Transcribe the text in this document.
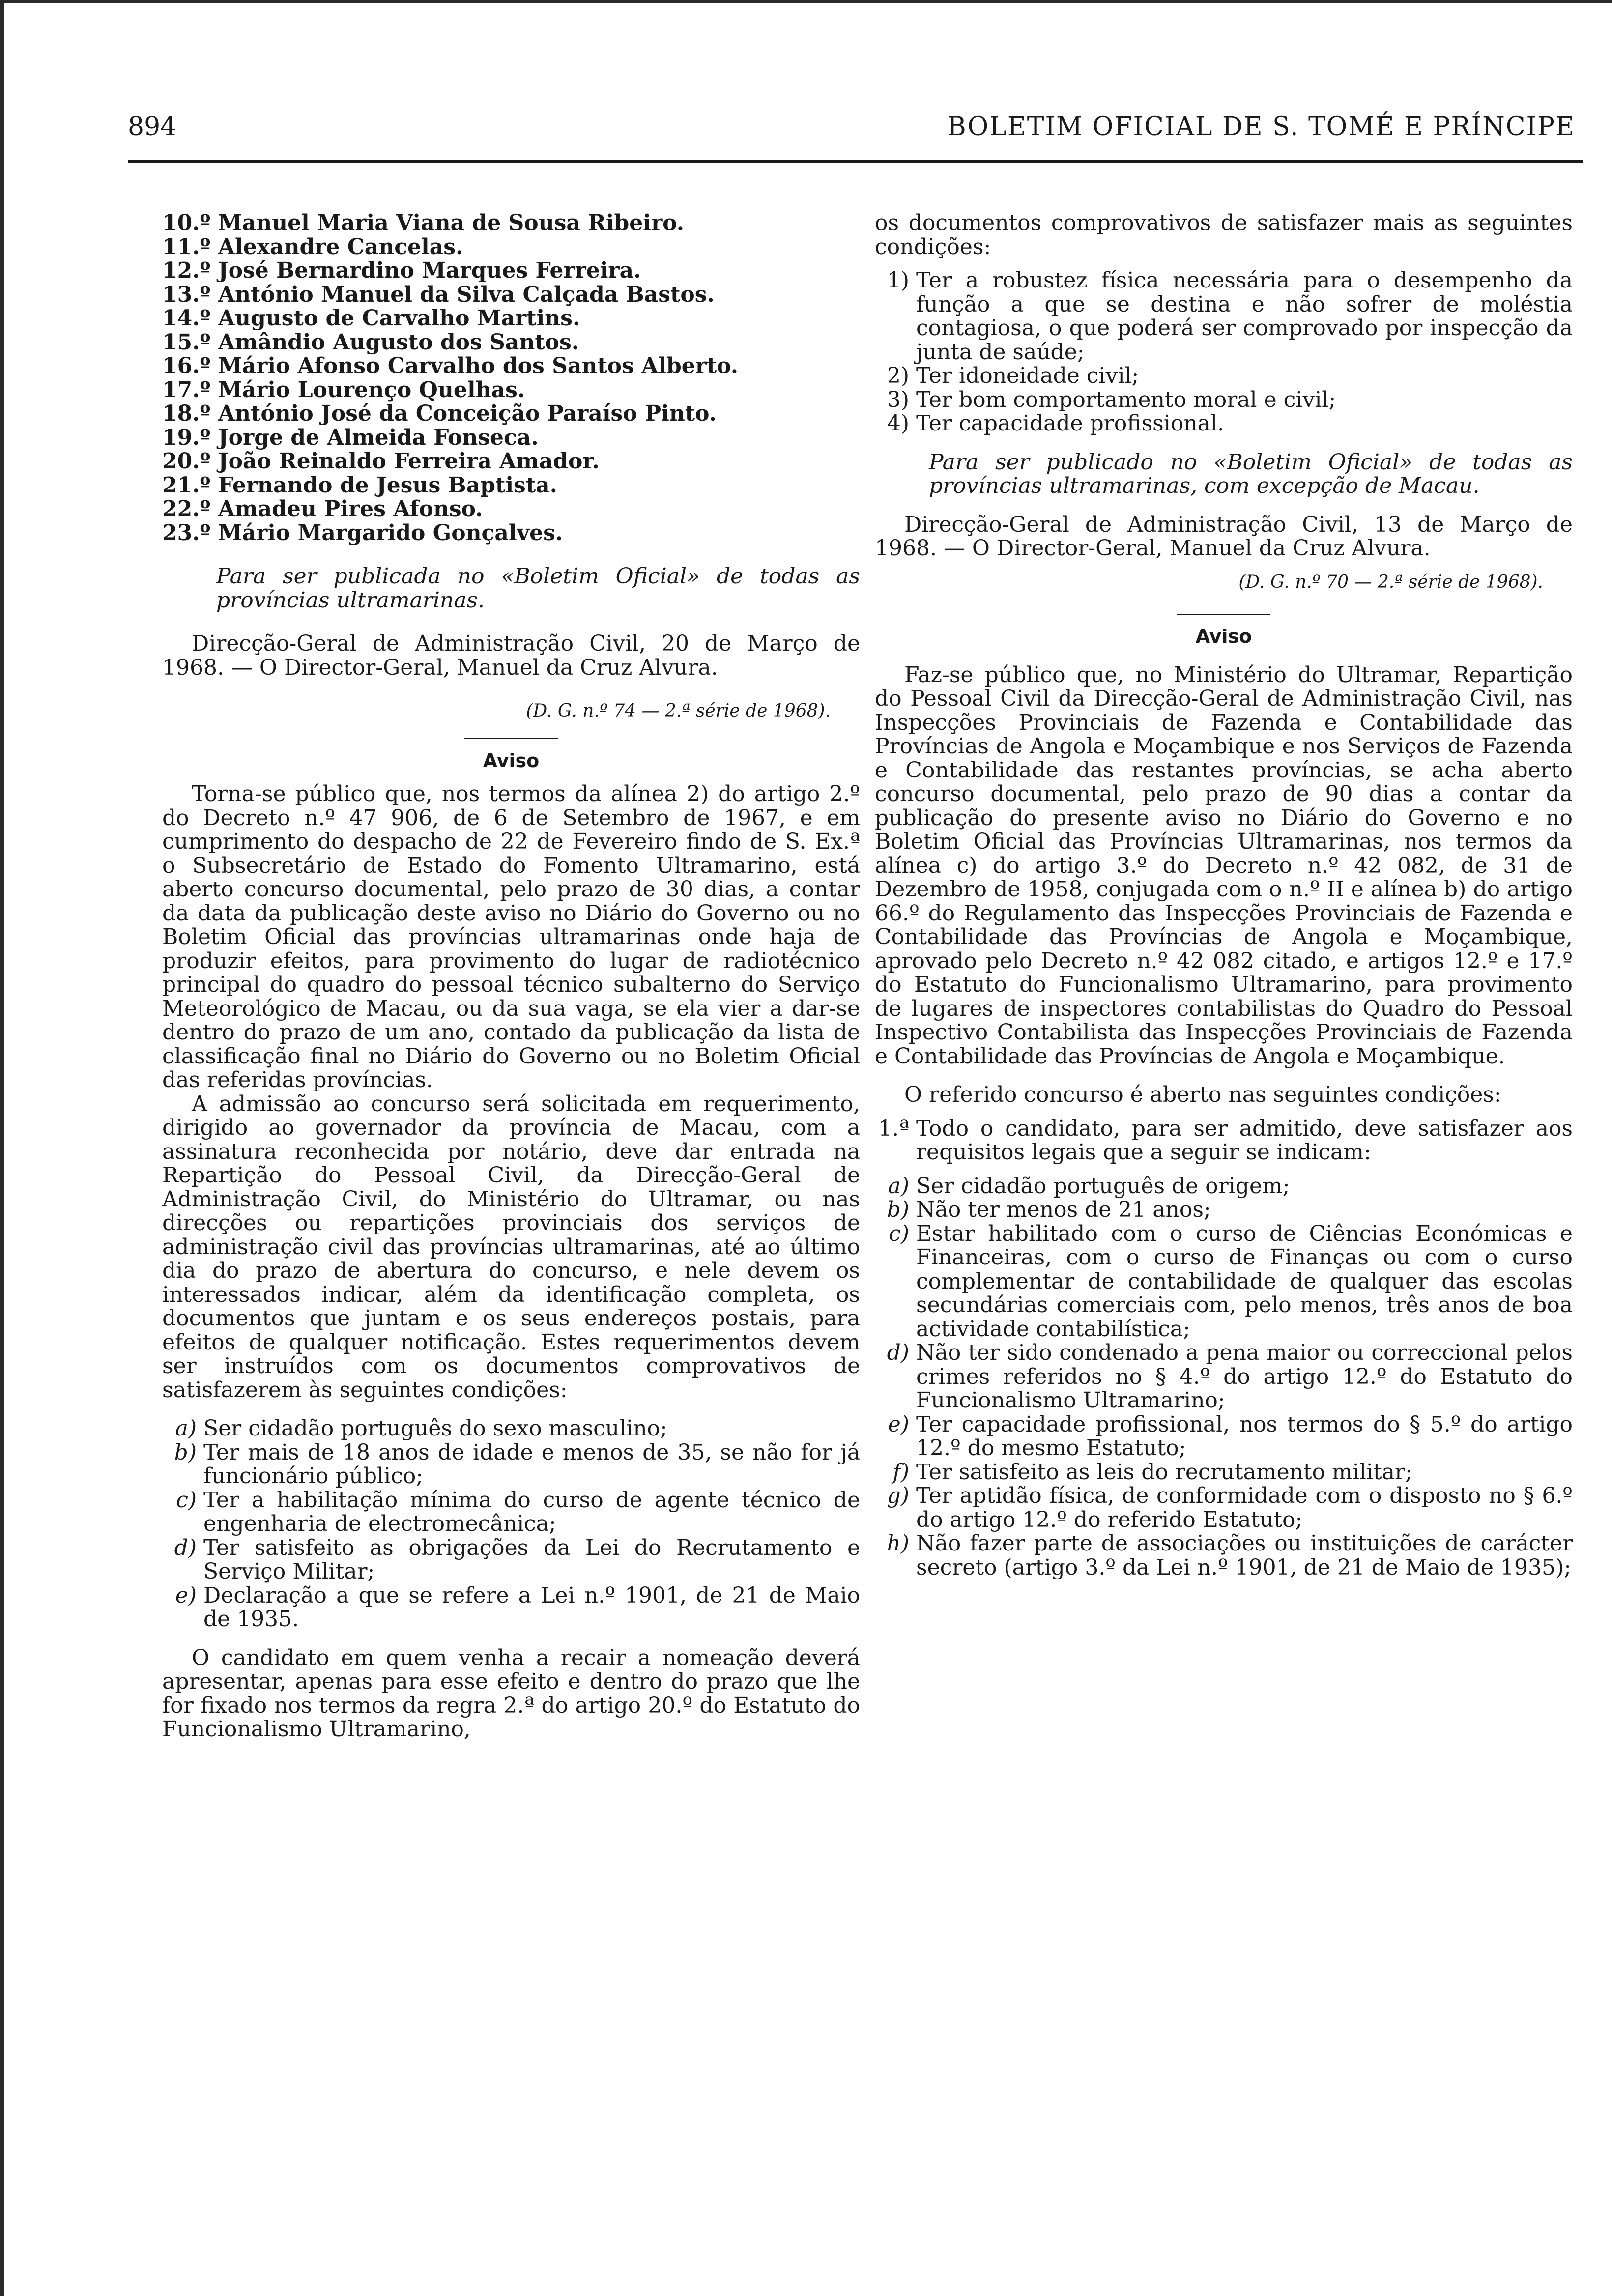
894	BOLETIM OFICIAL DE S. TOMÉ E PRÍNCIPE
10.º Manuel Maria Viana de Sousa Ribeiro.
11.º Alexandre Cancelas.
12.º José Bernardino Marques Ferreira.
13.º António Manuel da Silva Calçada Bastos.
14.º Augusto de Carvalho Martins.
15.º Amândio Augusto dos Santos.
16.º Mário Afonso Carvalho dos Santos Alberto.
17.º Mário Lourenço Quelhas.
18.º António José da Conceição Paraíso Pinto.
19.º Jorge de Almeida Fonseca.
20.º João Reinaldo Ferreira Amador.
21.º Fernando de Jesus Baptista.
22.º Amadeu Pires Afonso.
23.º Mário Margarido Gonçalves.

Para ser publicada no «Boletim Oficial» de todas as províncias ultramarinas.

Direcção-Geral de Administração Civil, 20 de Março de 1968. — O Director-Geral, Manuel da Cruz Alvura.

(D. G. n.º 74 — 2.ª série de 1968).

Aviso

Torna-se público que, nos termos da alínea 2) do artigo 2.º do Decreto n.º 47 906, de 6 de Setembro de 1967, e em cumprimento do despacho de 22 de Fevereiro findo de S. Ex.ª o Subsecretário de Estado do Fomento Ultramarino, está aberto concurso documental, pelo prazo de 30 dias, a contar da data da publicação deste aviso no Diário do Governo ou no Boletim Oficial das províncias ultramarinas onde haja de produzir efeitos, para provimento do lugar de radiotécnico principal do quadro do pessoal técnico subalterno do Serviço Meteorológico de Macau, ou da sua vaga, se ela vier a dar-se dentro do prazo de um ano, contado da publicação da lista de classificação final no Diário do Governo ou no Boletim Oficial das referidas províncias.

A admissão ao concurso será solicitada em requerimento, dirigido ao governador da província de Macau, com a assinatura reconhecida por notário, deve dar entrada na Repartição do Pessoal Civil, da Direcção-Geral de Administração Civil, do Ministério do Ultramar, ou nas direcções ou repartições provinciais dos serviços de administração civil das províncias ultramarinas, até ao último dia do prazo de abertura do concurso, e nele devem os interessados indicar, além da identificação completa, os documentos que juntam e os seus endereços postais, para efeitos de qualquer notificação. Estes requerimentos devem ser instruídos com os documentos comprovativos de satisfazerem às seguintes condições:

a) Ser cidadão português do sexo masculino;
b) Ter mais de 18 anos de idade e menos de 35, se não for já funcionário público;
c) Ter a habilitação mínima do curso de agente técnico de engenharia de electromecânica;
d) Ter satisfeito as obrigações da Lei do Recrutamento e Serviço Militar;
e) Declaração a que se refere a Lei n.º 1901, de 21 de Maio de 1935.

O candidato em quem venha a recair a nomeação deverá apresentar, apenas para esse efeito e dentro do prazo que lhe for fixado nos termos da regra 2.ª do artigo 20.º do Estatuto do Funcionalismo Ultramarino,

os documentos comprovativos de satisfazer mais as seguintes condições:

1) Ter a robustez física necessária para o desempenho da função a que se destina e não sofrer de moléstia contagiosa, o que poderá ser comprovado por inspecção da junta de saúde;
2) Ter idoneidade civil;
3) Ter bom comportamento moral e civil;
4) Ter capacidade profissional.

Para ser publicado no «Boletim Oficial» de todas as províncias ultramarinas, com excepção de Macau.

Direcção-Geral de Administração Civil, 13 de Março de 1968. — O Director-Geral, Manuel da Cruz Alvura.

(D. G. n.º 70 — 2.ª série de 1968).

Aviso

Faz-se público que, no Ministério do Ultramar, Repartição do Pessoal Civil da Direcção-Geral de Administração Civil, nas Inspecções Provinciais de Fazenda e Contabilidade das Províncias de Angola e Moçambique e nos Serviços de Fazenda e Contabilidade das restantes províncias, se acha aberto concurso documental, pelo prazo de 90 dias a contar da publicação do presente aviso no Diário do Governo e no Boletim Oficial das Províncias Ultramarinas, nos termos da alínea c) do artigo 3.º do Decreto n.º 42 082, de 31 de Dezembro de 1958, conjugada com o n.º II e alínea b) do artigo 66.º do Regulamento das Inspecções Provinciais de Fazenda e Contabilidade das Províncias de Angola e Moçambique, aprovado pelo Decreto n.º 42 082 citado, e artigos 12.º e 17.º do Estatuto do Funcionalismo Ultramarino, para provimento de lugares de inspectores contabilistas do Quadro do Pessoal Inspectivo Contabilista das Inspecções Provinciais de Fazenda e Contabilidade das Províncias de Angola e Moçambique.

O referido concurso é aberto nas seguintes condições:

1.ª Todo o candidato, para ser admitido, deve satisfazer aos requisitos legais que a seguir se indicam:
a) Ser cidadão português de origem;
b) Não ter menos de 21 anos;
c) Estar habilitado com o curso de Ciências Económicas e Financeiras, com o curso de Finanças ou com o curso complementar de contabilidade de qualquer das escolas secundárias comerciais com, pelo menos, três anos de boa actividade contabilística;
d) Não ter sido condenado a pena maior ou correccional pelos crimes referidos no § 4.º do artigo 12.º do Estatuto do Funcionalismo Ultramarino;
e) Ter capacidade profissional, nos termos do § 5.º do artigo 12.º do mesmo Estatuto;
f) Ter satisfeito as leis do recrutamento militar;
g) Ter aptidão física, de conformidade com o disposto no § 6.º do artigo 12.º do referido Estatuto;
h) Não fazer parte de associações ou instituições de carácter secreto (artigo 3.º da Lei n.º 1901, de 21 de Maio de 1935);
